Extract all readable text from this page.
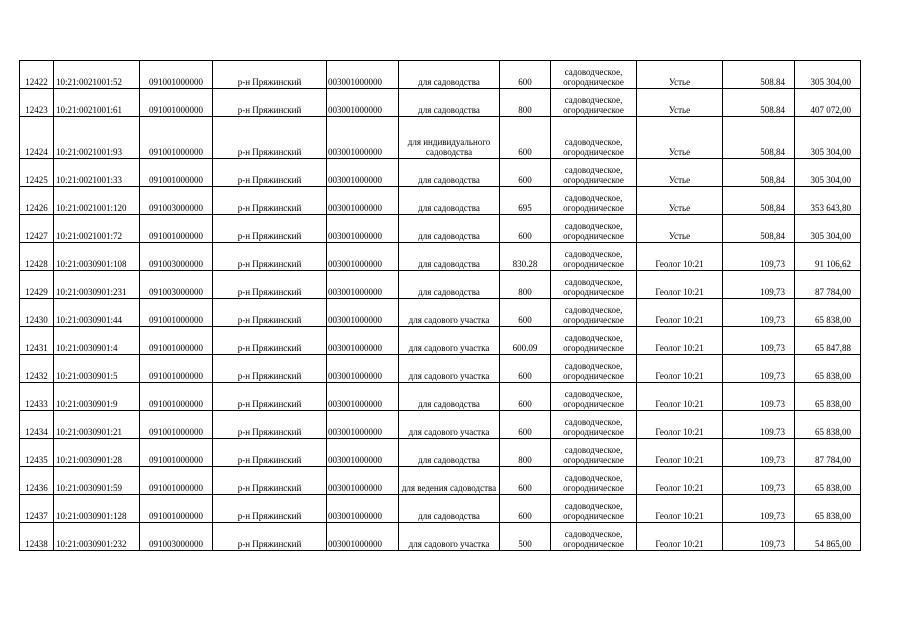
12422	10:21:0021001:52	091001000000	р-н Пряжинский	003001000000	для садоводства	600	садоводческое, огородническое	Устье	508.84	305 304,00
12423	10:21:0021001:61	091001000000	р-н Пряжинский	003001000000	для садоводства	800	садоводческое, огородническое	Устье	508.84	407 072,00
12424	10:21:0021001:93	091001000000	р-н Пряжинский	003001000000	для индивидуального садоводства	600	садоводческое, огородническое	Устье	508,84	305 304,00
12425	10:21:0021001:33	091001000000	р-н Пряжинский	003001000000	для садоводства	600	садоводческое, огородническое	Устье	508,84	305 304,00
12426	10:21:0021001:120	091003000000	р-н Пряжинский	003001000000	для садоводства	695	садоводческое, огородническое	Устье	508,84	353 643,80
12427	10:21:0021001:72	091001000000	р-н Пряжинский	003001000000	для садоводства	600	садоводческое, огородническое	Устье	508,84	305 304,00
12428	10:21:0030901:108	091003000000	р-н Пряжинский	003001000000	для садоводства	830.28	садоводческое, огородническое	Геолог 10:21	109,73	91 106,62
12429	10:21:0030901:231	091003000000	р-н Пряжинский	003001000000	для садоводства	800	садоводческое, огородническое	Геолог 10:21	109,73	87 784,00
12430	10:21:0030901:44	091001000000	р-н Пряжинский	003001000000	для садового участка	600	садоводческое, огородническое	Геолог 10:21	109,73	65 838,00
12431	10:21:0030901:4	091001000000	р-н Пряжинский	003001000000	для садового участка	600.09	садоводческое, огородническое	Геолог 10:21	109,73	65 847,88
12432	10:21:0030901:5	091001000000	р-н Пряжинский	003001000000	для садового участка	600	садоводческое, огородническое	Геолог 10:21	109,73	65 838,00
12433	10:21:0030901:9	091001000000	р-н Пряжинский	003001000000	для садоводства	600	садоводческое, огородническое	Геолог 10:21	109.73	65 838,00
12434	10:21:0030901:21	091001000000	р-н Пряжинский	003001000000	для садового участка	600	садоводческое, огородническое	Геолог 10:21	109.73	65 838,00
12435	10:21:0030901:28	091001000000	р-н Пряжинский	003001000000	для садоводства	800	садоводческое, огородническое	Геолог 10:21	109,73	87 784,00
12436	10:21:0030901:59	091001000000	р-н Пряжинский	003001000000	для ведения садоводства	600	садоводческое, огородническое	Геолог 10:21	109,73	65 838,00
12437	10:21:0030901:128	091001000000	р-н Пряжинский	003001000000	для садоводства	600	садоводческое, огородническое	Геолог 10:21	109,73	65 838,00
12438	10:21:0030901:232	091003000000	р-н Пряжинский	003001000000	для садового участка	500	садоводческое, огородническое	Геолог 10:21	109,73	54 865,00
